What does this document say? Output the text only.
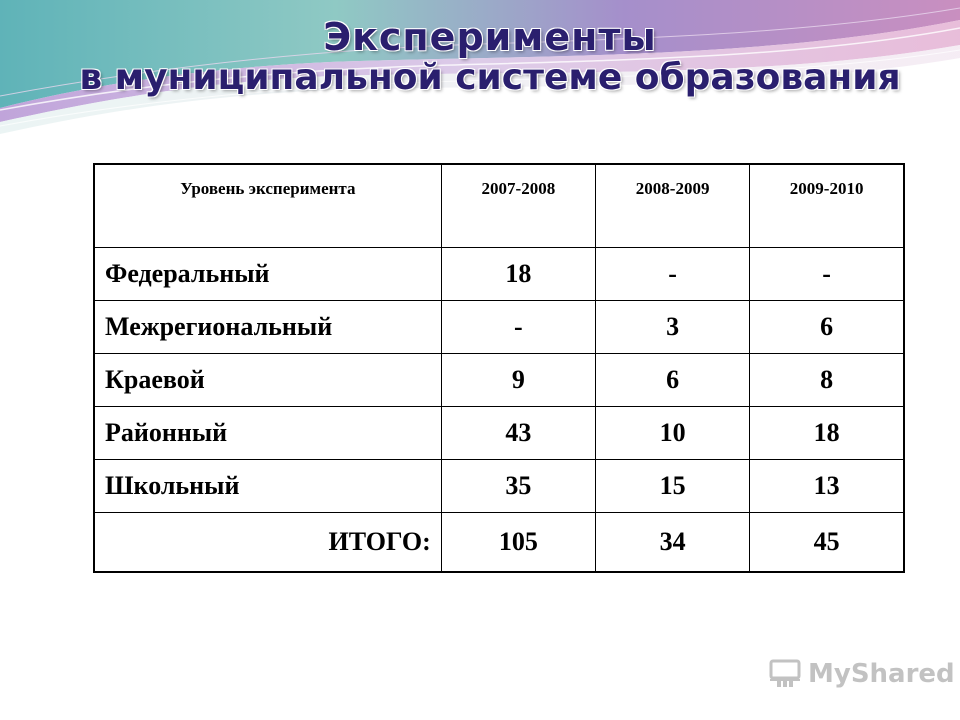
Эксперименты
в муниципальной системе образования
Уровень эксперимента	2007-2008	2008-2009	2009-2010
Федеральный	18	-	-
Межрегиональный	-	3	6
Краевой	9	6	8
Районный	43	10	18
Школьный	35	15	13
ИТОГО:	105	34	45
MyShared
